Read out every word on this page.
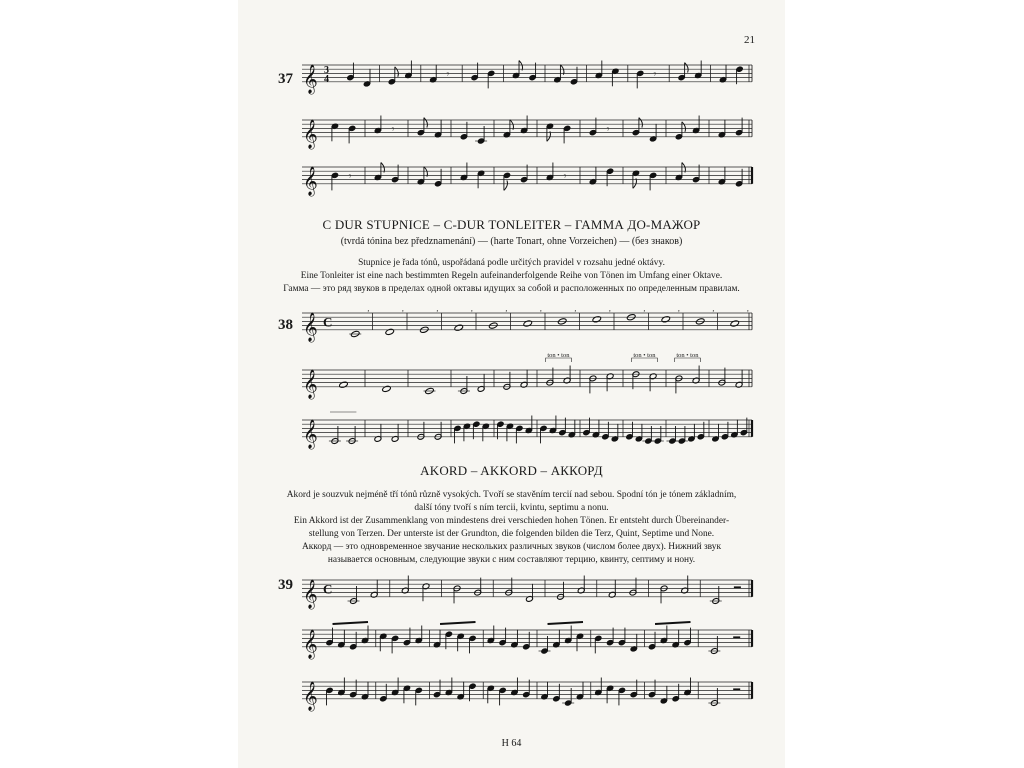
21
37
38
39
C DUR STUPNICE – C-DUR TONLEITER – ГАММА ДО-МАЖОР
(tvrdá tónina bez předznamenání) — (harte Tonart, ohne Vorzeichen) — (без знаков)
Stupnice je řada tónů, uspořádaná podle určitých pravidel v rozsahu jedné oktávy.
Eine Tonleiter ist eine nach bestimmten Regeln aufeinanderfolgende Reihe von Tönen im Umfang einer Oktave.
Гамма — это ряд звуков в пределах одной октавы идущих за собой и расположенных по определенным правилам.
AKORD – AKKORD – АККОРД
Akord je souzvuk nejméně tří tónů různě vysokých. Tvoří se stavěním tercií nad sebou. Spodní tón je tónem základním,
další tóny tvoří s ním tercii, kvintu, septimu a nonu.
Ein Akkord ist der Zusammenklang von mindestens drei verschieden hohen Tönen. Er entsteht durch Übereinander-
stellung von Terzen. Der unterste ist der Grundton, die folgenden bilden die Terz, Quint, Septime und None.
Аккорд — это одновременное звучание нескольких различных звуков (числом более двух). Нижний звук
называется основным, следующие звуки с ним составляют терцию, квинту, септиму и нону.
H 64
𝄞 3
4	𝄾	𝄾
𝄞	𝄾	𝄾
𝄞	𝄾	𝄾
𝄞 C
,	,	,	,	,	,	,	,	,	,	,	,
𝄞
ton • ton	ton • ton	ton • ton
𝄞
𝄞 C
𝄞
𝄞
